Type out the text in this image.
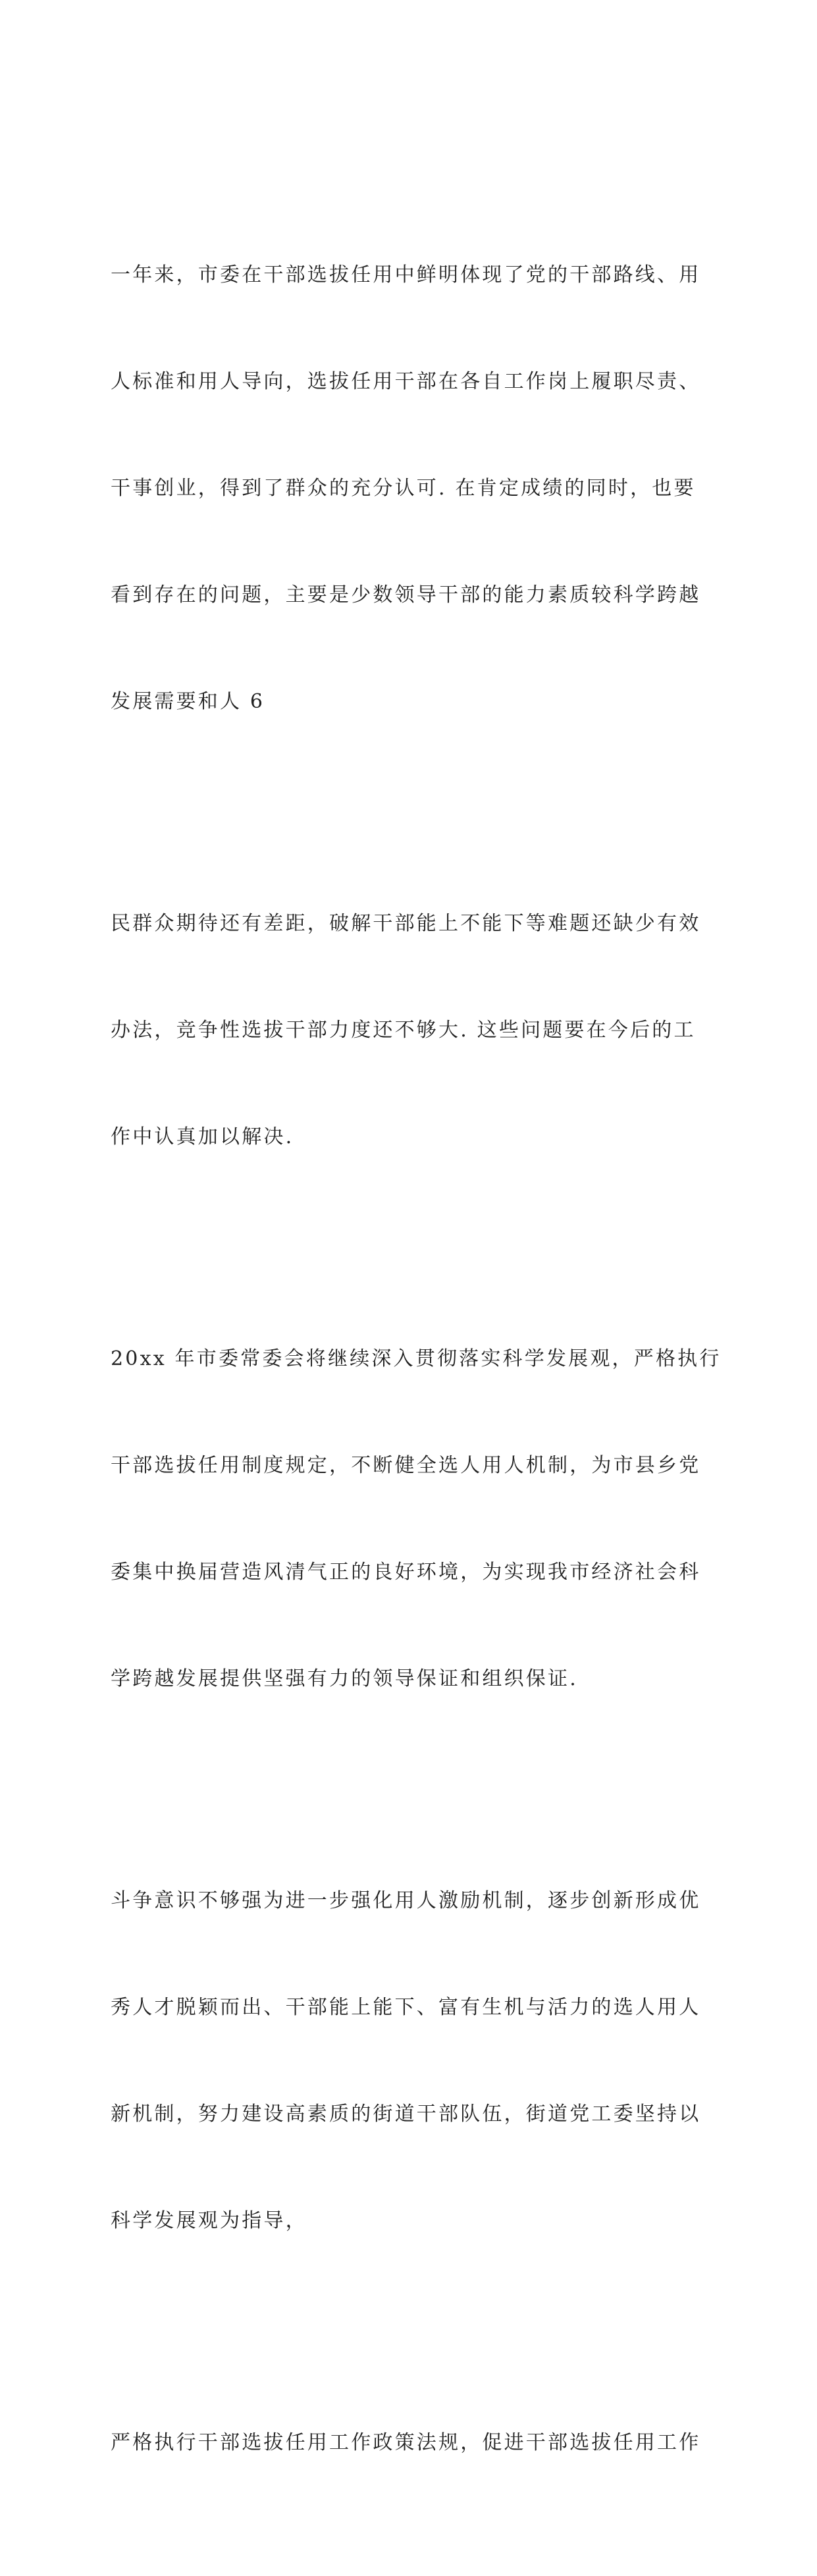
一年来，市委在干部选拔任用中鲜明体现了党的干部路线、用

人标准和用人导向，选拔任用干部在各自工作岗上履职尽责、

干事创业，得到了群众的充分认可. 在肯定成绩的同时，也要

看到存在的问题，主要是少数领导干部的能力素质较科学跨越

发展需要和人 6

民群众期待还有差距，破解干部能上不能下等难题还缺少有效

办法，竞争性选拔干部力度还不够大. 这些问题要在今后的工

作中认真加以解决.

20xx 年市委常委会将继续深入贯彻落实科学发展观，严格执行

干部选拔任用制度规定，不断健全选人用人机制，为市县乡党

委集中换届营造风清气正的良好环境，为实现我市经济社会科

学跨越发展提供坚强有力的领导保证和组织保证.

斗争意识不够强为进一步强化用人激励机制，逐步创新形成优

秀人才脱颖而出、干部能上能下、富有生机与活力的选人用人

新机制，努力建设高素质的街道干部队伍，街道党工委坚持以

科学发展观为指导，

严格执行干部选拔任用工作政策法规，促进干部选拔任用工作
